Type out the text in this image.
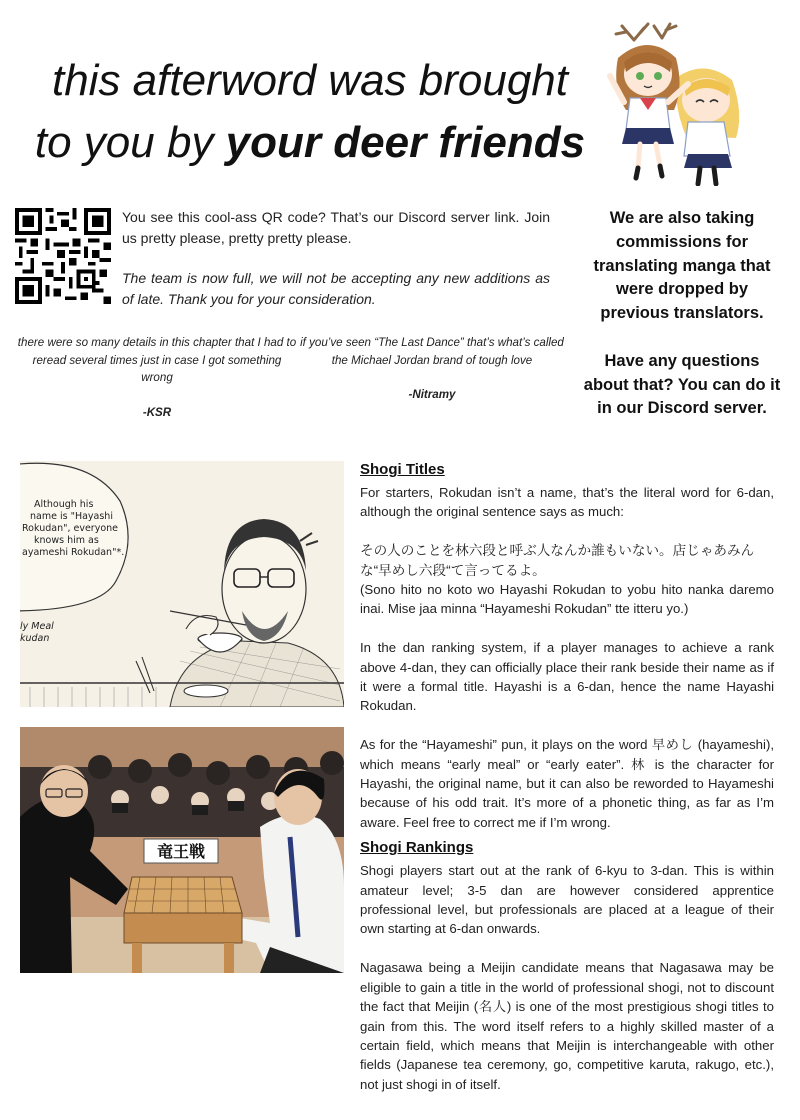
this afterword was brought
to you by your deer friends

You see this cool-ass QR code? That’s our Discord server link. Join us pretty please, pretty pretty please.

The team is now full, we will not be accepting any new additions as of late. Thank you for your consideration.

We are also taking commissions for translating manga that were dropped by previous translators.

Have any questions about that? You can do it in our Discord server.

there were so many details in this chapter that I had to reread several times just in case I got something wrong
-KSR
if you’ve seen “The Last Dance” that’s what’s called the Michael Jordan brand of tough love
-Nitramy
Although his name is "Hayashi Rokudan", everyone knows him as ayameshi Rokudan"*.
ly Meal kudan
竜王戦
Shogi Titles

For starters, Rokudan isn’t a name, that’s the literal word for 6-dan, although the original sentence says as much:

その人のことを林六段と呼ぶ人なんか誰もいない。店じゃあみんな“早めし六段“て言ってるよ。

(Sono hito no koto wo Hayashi Rokudan to yobu hito nanka daremo inai. Mise jaa minna “Hayameshi Rokudan” tte itteru yo.)

In the dan ranking system, if a player manages to achieve a rank above 4-dan, they can officially place their rank beside their name as if it were a formal title. Hayashi is a 6-dan, hence the name Hayashi Rokudan.

As for the “Hayameshi” pun, it plays on the word 早めし (hayameshi), which means “early meal” or “early eater”. 林 is the character for Hayashi, the original name, but it can also be reworded to Hayameshi because of his odd trait. It’s more of a phonetic thing, as far as I’m aware. Feel free to correct me if I’m wrong.

Shogi Rankings

Shogi players start out at the rank of 6-kyu to 3-dan. This is within amateur level; 3-5 dan are however considered apprentice professional level, but professionals are placed at a league of their own starting at 6-dan onwards.

Nagasawa being a Meijin candidate means that Nagasawa may be eligible to gain a title in the world of professional shogi, not to discount the fact that Meijin (名人) is one of the most prestigious shogi titles to gain from this. The word itself refers to a highly skilled master of a certain field, which means that Meijin is interchangeable with other fields (Japanese tea ceremony, go, competitive karuta, rakugo, etc.), not just shogi in of itself.
